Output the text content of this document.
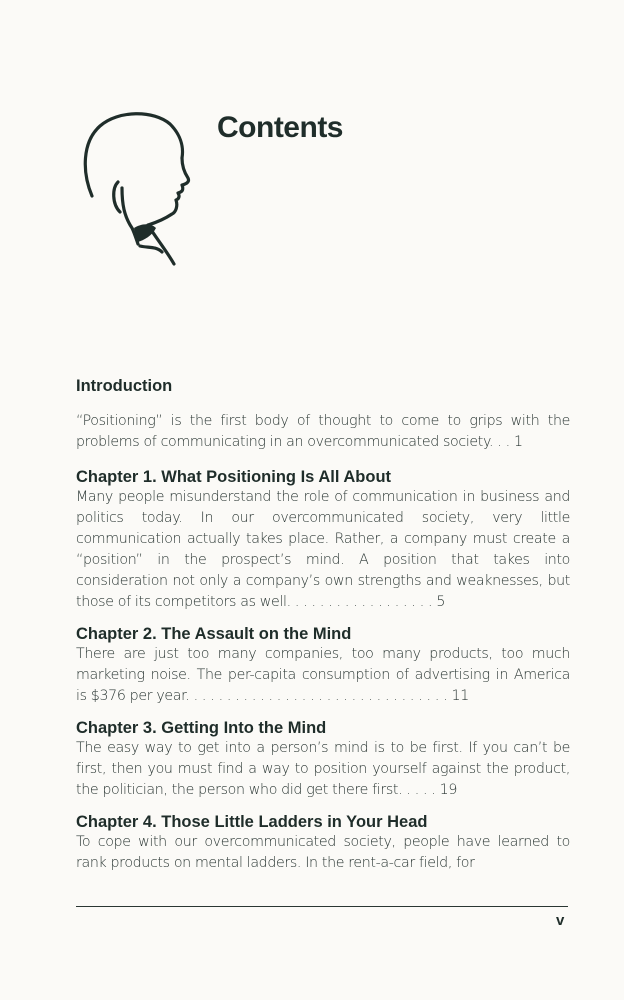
Contents
Introduction

“Positioning” is the first body of thought to come to grips with the problems of communicating in an overcommunicated society. . . 1

Chapter 1. What Positioning Is All About

Many people misunderstand the role of communication in business and politics today. In our overcommunicated society, very little communication actually takes place. Rather, a company must create a “position” in the prospect’s mind. A position that takes into consideration not only a company’s own strengths and weaknesses, but those of its competitors as well. . . . . . . . . . . . . . . . . . 5

Chapter 2. The Assault on the Mind

There are just too many companies, too many products, too much marketing noise. The per-capita consumption of advertising in America is $376 per year. . . . . . . . . . . . . . . . . . . . . . . . . . . . . . . . 11

Chapter 3. Getting Into the Mind

The easy way to get into a person’s mind is to be first. If you can’t be first, then you must find a way to position yourself against the product, the politician, the person who did get there first. . . . . 19

Chapter 4. Those Little Ladders in Your Head

To cope with our overcommunicated society, people have learned to rank products on mental ladders. In the rent-a-car field, for

v
